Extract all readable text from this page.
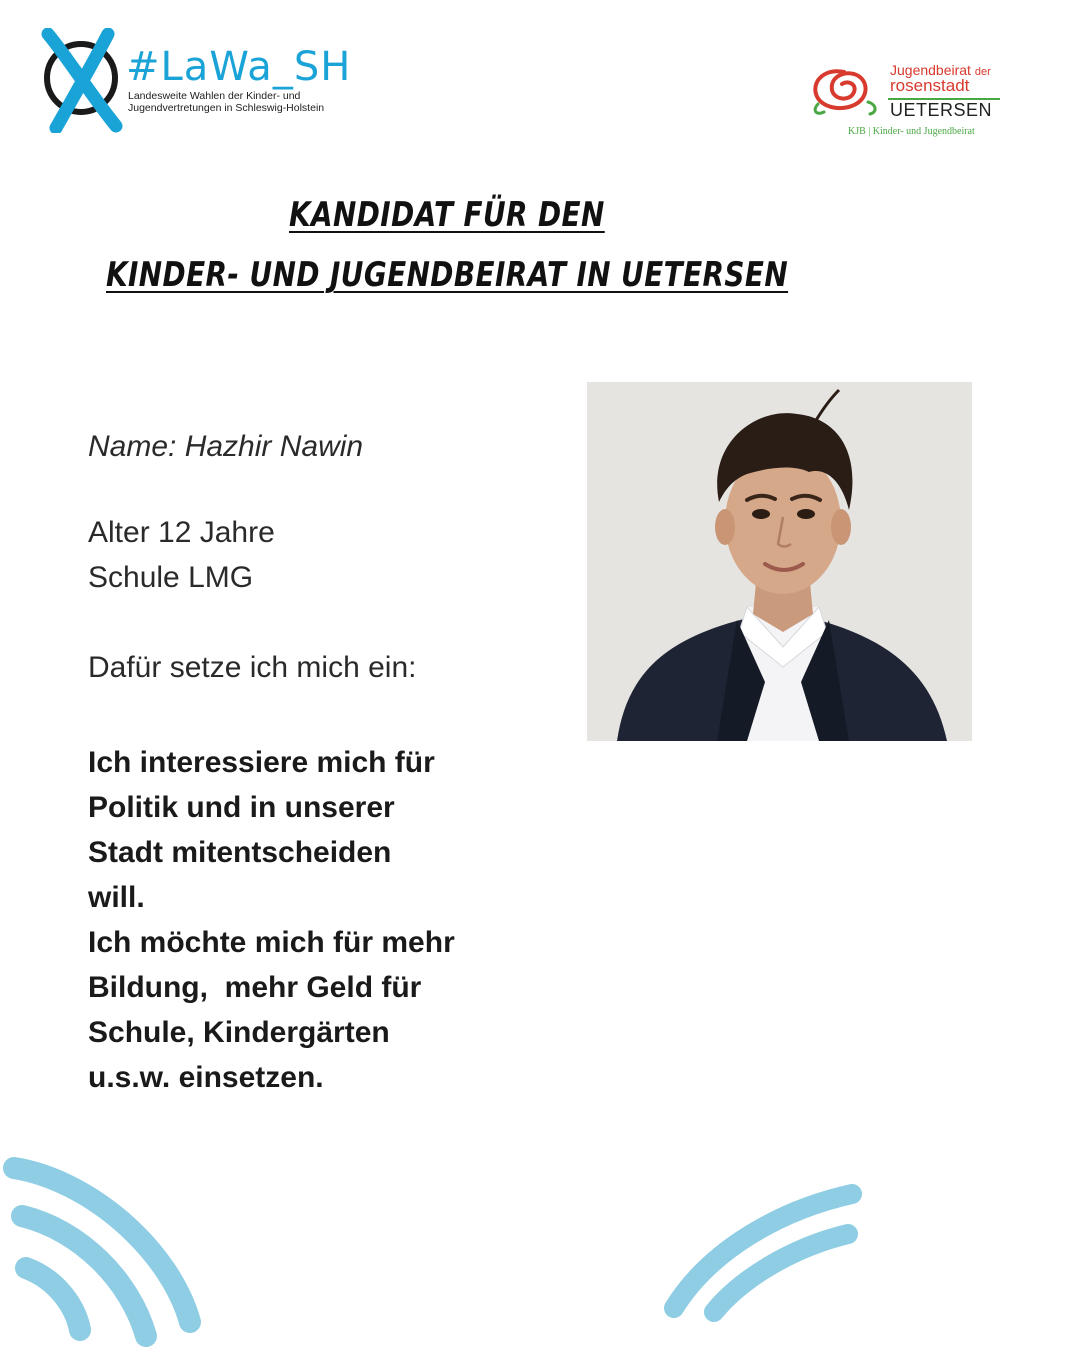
#LaWa_SH
Landesweite Wahlen der Kinder- und
Jugendvertretungen in Schleswig-Holstein
Jugendbeirat der
rosenstadt
UETERSEN
KJB | Kinder- und Jugendbeirat
KANDIDAT FÜR DEN
KINDER- UND JUGENDBEIRAT IN UETERSEN
Name: Hazhir Nawin
Alter 12 Jahre
Schule LMG
Dafür setze ich mich ein:
Ich interessiere mich für
Politik und in unserer
Stadt mitentscheiden
will.
Ich möchte mich für mehr
Bildung,  mehr Geld für
Schule, Kindergärten
u.s.w. einsetzen.
